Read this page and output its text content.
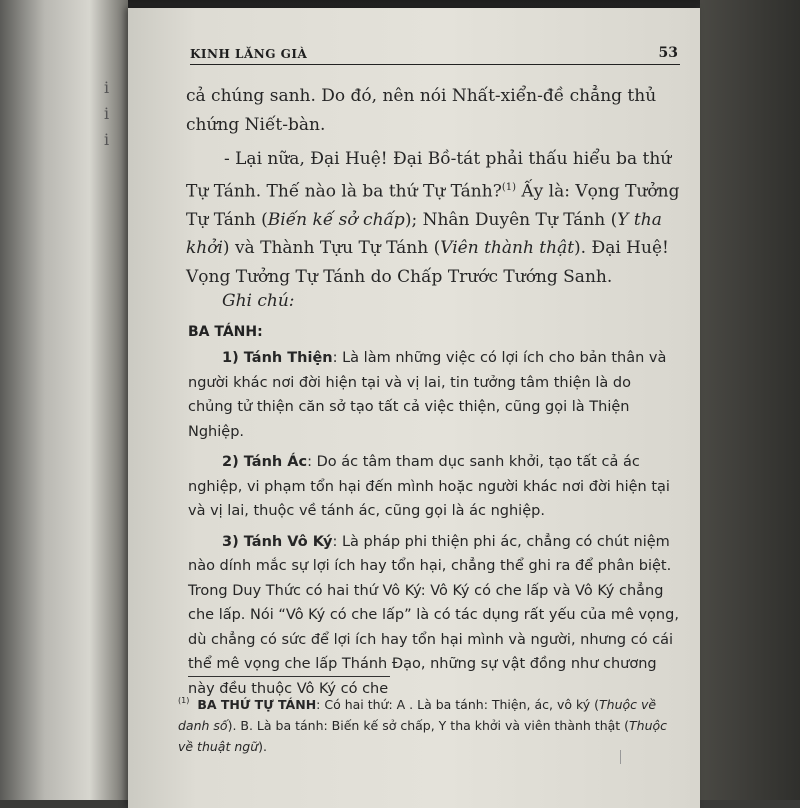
i
i
i
KINH LĂNG GIÀ	53

cả chúng sanh. Do đó, nên nói Nhất-xiển-đề chẳng thủ chứng Niết-bàn.

- Lại nữa, Đại Huệ! Đại Bồ-tát phải thấu hiểu ba thứ Tự Tánh. Thế nào là ba thứ Tự Tánh?$^{(1)}$ Ấy là: Vọng Tưởng Tự Tánh (Biến kế sở chấp); Nhân Duyên Tự Tánh (Y tha khởi) và Thành Tựu Tự Tánh (Viên thành thật). Đại Huệ! Vọng Tưởng Tự Tánh do Chấp Trước Tướng Sanh.

Ghi chú:
BA TÁNH:

1) Tánh Thiện: Là làm những việc có lợi ích cho bản thân và người khác nơi đời hiện tại và vị lai, tin tưởng tâm thiện là do chủng tử thiện căn sở tạo tất cả việc thiện, cũng gọi là Thiện Nghiệp.

2) Tánh Ác: Do ác tâm tham dục sanh khởi, tạo tất cả ác nghiệp, vi phạm tổn hại đến mình hoặc người khác nơi đời hiện tại và vị lai, thuộc về tánh ác, cũng gọi là ác nghiệp.

3) Tánh Vô Ký: Là pháp phi thiện phi ác, chẳng có chút niệm nào dính mắc sự lợi ích hay tổn hại, chẳng thể ghi ra để phân biệt. Trong Duy Thức có hai thứ Vô Ký: Vô Ký có che lấp và Vô Ký chẳng che lấp. Nói “Vô Ký có che lấp” là có tác dụng rất yếu của mê vọng, dù chẳng có sức để lợi ích hay tổn hại mình và người, nhưng có cái thể mê vọng che lấp Thánh Đạo, những sự vật đồng như chương này đều thuộc Vô Ký có che

$^{(1)}$ BA THỨ TỰ TÁNH: Có hai thứ: A . Là ba tánh: Thiện, ác, vô ký (Thuộc về danh số). B. Là ba tánh: Biến kế sở chấp, Y tha khởi và viên thành thật (Thuộc về thuật ngữ).
